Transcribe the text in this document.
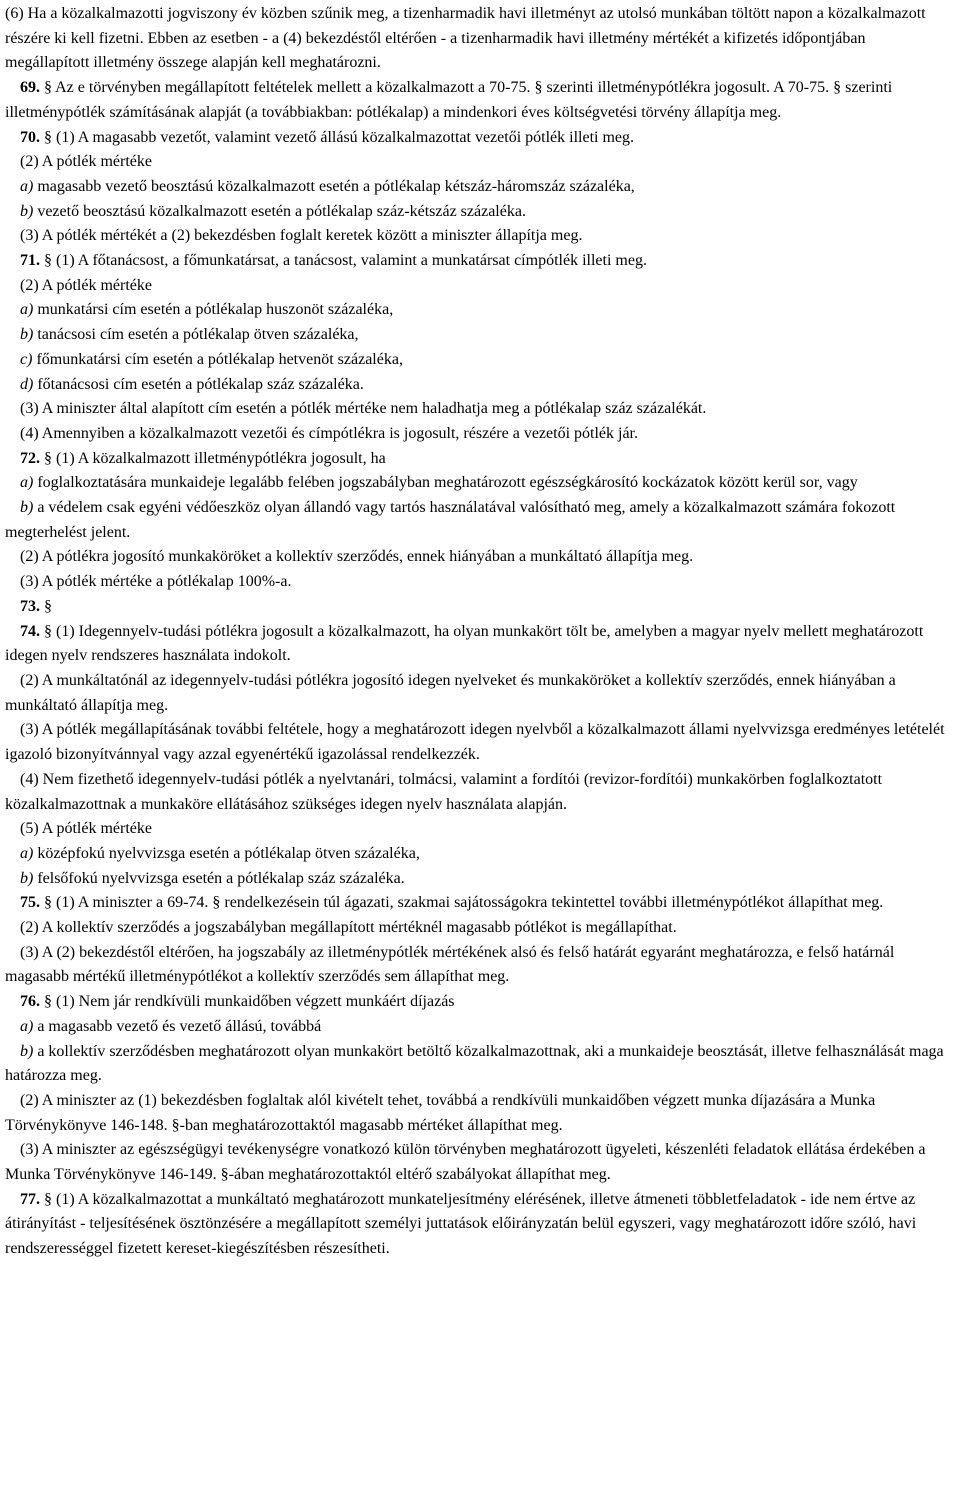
(6) Ha a közalkalmazotti jogviszony év közben szűnik meg, a tizenharmadik havi illetményt az utolsó munkában töltött napon a közalkalmazott részére ki kell fizetni. Ebben az esetben - a (4) bekezdéstől eltérően - a tizenharmadik havi illetmény mértékét a kifizetés időpontjában megállapított illetmény összege alapján kell meghatározni.

69. § Az e törvényben megállapított feltételek mellett a közalkalmazott a 70-75. § szerinti illetménypótlékra jogosult. A 70-75. § szerinti illetménypótlék számításának alapját (a továbbiakban: pótlékalap) a mindenkori éves költségvetési törvény állapítja meg.

70. § (1) A magasabb vezetőt, valamint vezető állású közalkalmazottat vezetői pótlék illeti meg.

(2) A pótlék mértéke

a) magasabb vezető beosztású közalkalmazott esetén a pótlékalap kétszáz-háromszáz százaléka,

b) vezető beosztású közalkalmazott esetén a pótlékalap száz-kétszáz százaléka.

(3) A pótlék mértékét a (2) bekezdésben foglalt keretek között a miniszter állapítja meg.

71. § (1) A főtanácsost, a főmunkatársat, a tanácsost, valamint a munkatársat címpótlék illeti meg.

(2) A pótlék mértéke

a) munkatársi cím esetén a pótlékalap huszonöt százaléka,

b) tanácsosi cím esetén a pótlékalap ötven százaléka,

c) főmunkatársi cím esetén a pótlékalap hetvenöt százaléka,

d) főtanácsosi cím esetén a pótlékalap száz százaléka.

(3) A miniszter által alapított cím esetén a pótlék mértéke nem haladhatja meg a pótlékalap száz százalékát.

(4) Amennyiben a közalkalmazott vezetői és címpótlékra is jogosult, részére a vezetői pótlék jár.

72. § (1) A közalkalmazott illetménypótlékra jogosult, ha

a) foglalkoztatására munkaideje legalább felében jogszabályban meghatározott egészségkárosító kockázatok között kerül sor, vagy

b) a védelem csak egyéni védőeszköz olyan állandó vagy tartós használatával valósítható meg, amely a közalkalmazott számára fokozott megterhelést jelent.

(2) A pótlékra jogosító munkaköröket a kollektív szerződés, ennek hiányában a munkáltató állapítja meg.

(3) A pótlék mértéke a pótlékalap 100%-a.

73. §

74. § (1) Idegennyelv-tudási pótlékra jogosult a közalkalmazott, ha olyan munkakört tölt be, amelyben a magyar nyelv mellett meghatározott idegen nyelv rendszeres használata indokolt.

(2) A munkáltatónál az idegennyelv-tudási pótlékra jogosító idegen nyelveket és munkaköröket a kollektív szerződés, ennek hiányában a munkáltató állapítja meg.

(3) A pótlék megállapításának további feltétele, hogy a meghatározott idegen nyelvből a közalkalmazott állami nyelvvizsga eredményes letételét igazoló bizonyítvánnyal vagy azzal egyenértékű igazolással rendelkezzék.

(4) Nem fizethető idegennyelv-tudási pótlék a nyelvtanári, tolmácsi, valamint a fordítói (revizor-fordítói) munkakörben foglalkoztatott közalkalmazottnak a munkaköre ellátásához szükséges idegen nyelv használata alapján.

(5) A pótlék mértéke

a) középfokú nyelvvizsga esetén a pótlékalap ötven százaléka,

b) felsőfokú nyelvvizsga esetén a pótlékalap száz százaléka.

75. § (1) A miniszter a 69-74. § rendelkezésein túl ágazati, szakmai sajátosságokra tekintettel további illetménypótlékot állapíthat meg.

(2) A kollektív szerződés a jogszabályban megállapított mértéknél magasabb pótlékot is megállapíthat.

(3) A (2) bekezdéstől eltérően, ha jogszabály az illetménypótlék mértékének alsó és felső határát egyaránt meghatározza, e felső határnál magasabb mértékű illetménypótlékot a kollektív szerződés sem állapíthat meg.

76. § (1) Nem jár rendkívüli munkaidőben végzett munkáért díjazás

a) a magasabb vezető és vezető állású, továbbá

b) a kollektív szerződésben meghatározott olyan munkakört betöltő közalkalmazottnak, aki a munkaideje beosztását, illetve felhasználását maga határozza meg.

(2) A miniszter az (1) bekezdésben foglaltak alól kivételt tehet, továbbá a rendkívüli munkaidőben végzett munka díjazására a Munka Törvénykönyve 146-148. §-ban meghatározottaktól magasabb mértéket állapíthat meg.

(3) A miniszter az egészségügyi tevékenységre vonatkozó külön törvényben meghatározott ügyeleti, készenléti feladatok ellátása érdekében a Munka Törvénykönyve 146-149. §-ában meghatározottaktól eltérő szabályokat állapíthat meg.

77. § (1) A közalkalmazottat a munkáltató meghatározott munkateljesítmény elérésének, illetve átmeneti többletfeladatok - ide nem értve az átirányítást - teljesítésének ösztönzésére a megállapított személyi juttatások előirányzatán belül egyszeri, vagy meghatározott időre szóló, havi rendszerességgel fizetett kereset-kiegészítésben részesítheti.
